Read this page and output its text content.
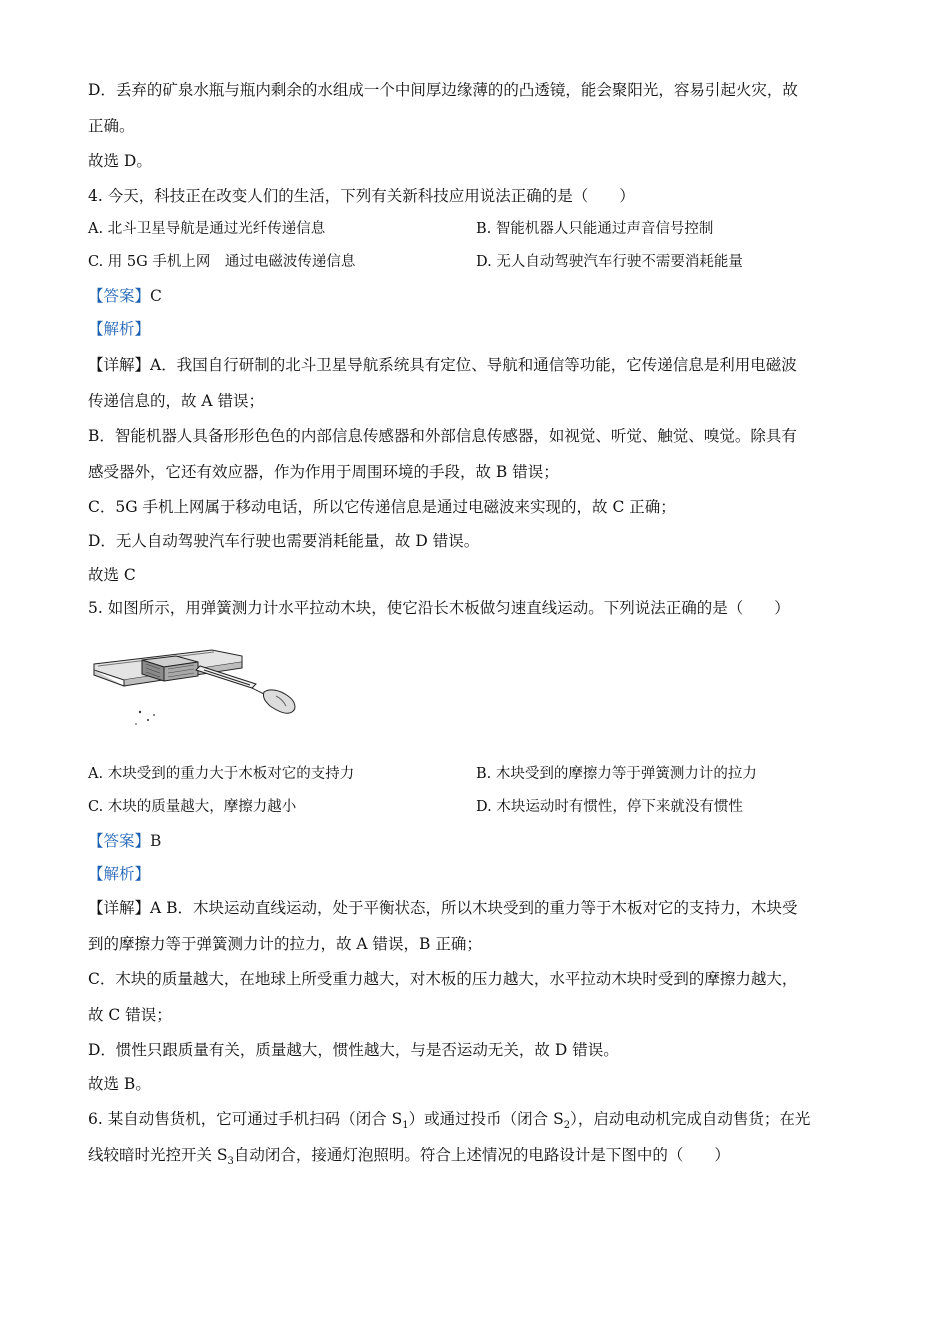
D．丢弃的矿泉水瓶与瓶内剩余的水组成一个中间厚边缘薄的的凸透镜，能会聚阳光，容易引起火灾，故
正确。
故选 D。
4. 今天，科技正在改变人们的生活，下列有关新科技应用说法正确的是（　　）
A. 北斗卫星导航是通过光纤传递信息	B. 智能机器人只能通过声音信号控制
C. 用 5G 手机上网　通过电磁波传递信息	D. 无人自动驾驶汽车行驶不需要消耗能量
【答案】C
【解析】
【详解】A．我国自行研制的北斗卫星导航系统具有定位、导航和通信等功能，它传递信息是利用电磁波
传递信息的，故 A 错误；
B．智能机器人具备形形色色的内部信息传感器和外部信息传感器，如视觉、听觉、触觉、嗅觉。除具有
感受器外，它还有效应器，作为作用于周围环境的手段，故 B 错误；
C．5G 手机上网属于移动电话，所以它传递信息是通过电磁波来实现的，故 C 正确；
D．无人自动驾驶汽车行驶也需要消耗能量，故 D 错误。
故选 C
5. 如图所示，用弹簧测力计水平拉动木块，使它沿长木板做匀速直线运动。下列说法正确的是（　　）
A. 木块受到的重力大于木板对它的支持力	B. 木块受到的摩擦力等于弹簧测力计的拉力
C. 木块的质量越大，摩擦力越小	D. 木块运动时有惯性，停下来就没有惯性
【答案】B
【解析】
【详解】A B．木块运动直线运动，处于平衡状态，所以木块受到的重力等于木板对它的支持力，木块受
到的摩擦力等于弹簧测力计的拉力，故 A 错误，B 正确；
C．木块的质量越大，在地球上所受重力越大，对木板的压力越大，水平拉动木块时受到的摩擦力越大，
故 C 错误；
D．惯性只跟质量有关，质量越大，惯性越大，与是否运动无关，故 D 错误。
故选 B。
6. 某自动售货机，它可通过手机扫码（闭合 $S_1$）或通过投币（闭合 $S_2$），启动电动机完成自动售货；在光
线较暗时光控开关 $S_3$自动闭合，接通灯泡照明。符合上述情况的电路设计是下图中的（　　）
